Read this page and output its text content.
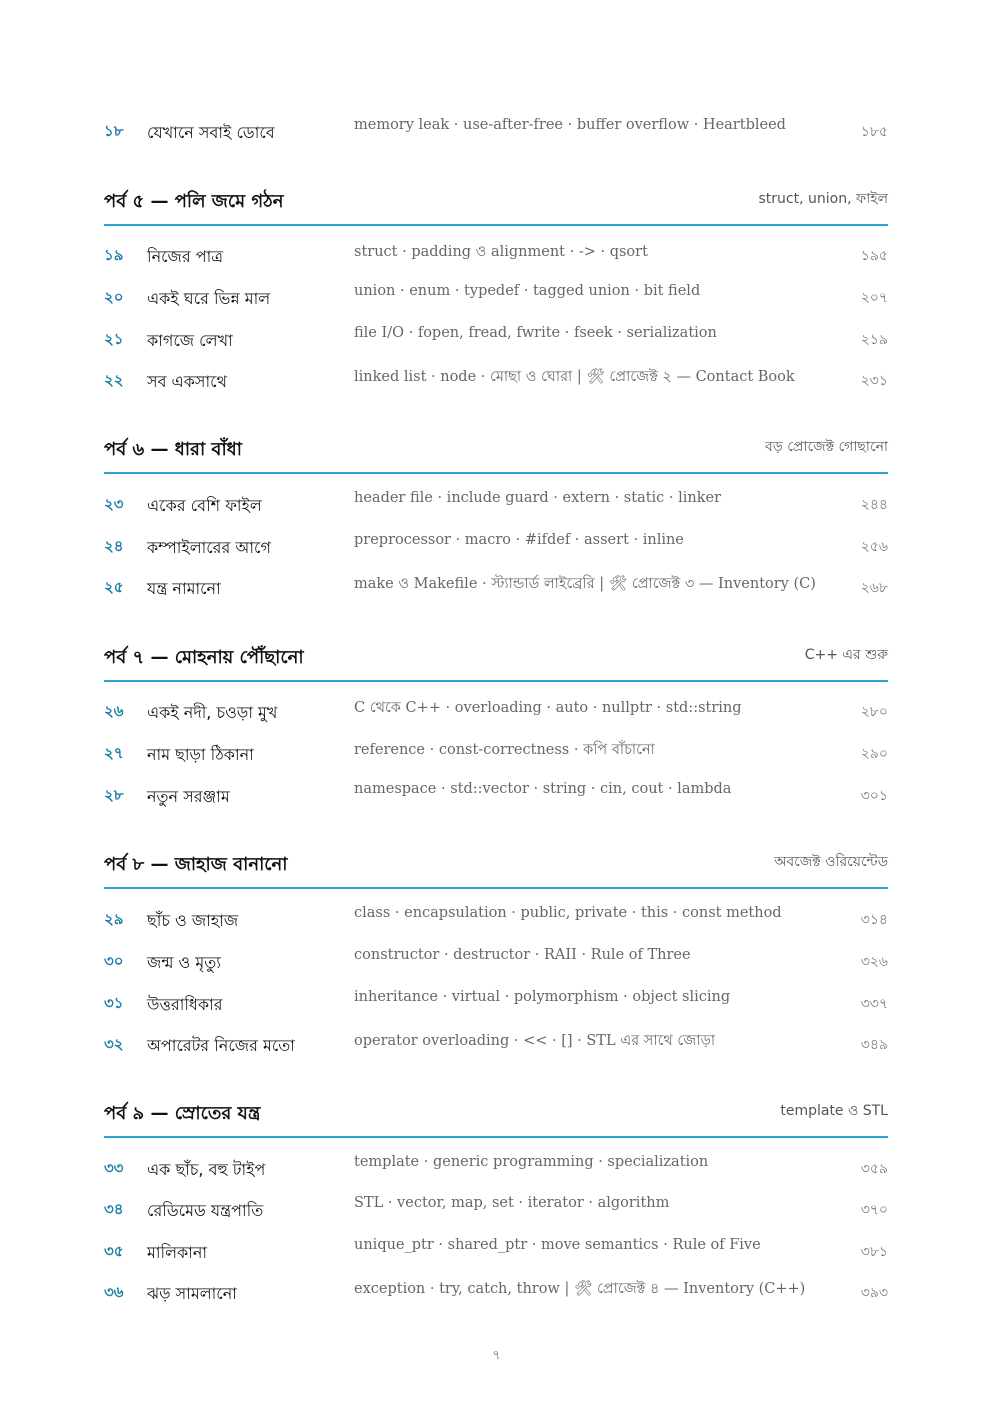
১৮ যেখানে সবাই ডোবে	memory leak · use-after-free · buffer overflow · Heartbleed	১৮৫
পর্ব ৫ — পলি জমে গঠন	struct, union, ফাইল
১৯ নিজের পাত্র	struct · padding ও alignment · -> · qsort	১৯৫
২০ একই ঘরে ভিন্ন মাল	union · enum · typedef · tagged union · bit field	২০৭
২১ কাগজে লেখা	file I/O · fopen, fread, fwrite · fseek · serialization	২১৯
২২ সব একসাথে	linked list · node · মোছা ও ঘোরা | 🛠 প্রোজেক্ট ২ — Contact Book	২৩১
পর্ব ৬ — ধারা বাঁধা	বড় প্রোজেক্ট গোছানো
২৩ একের বেশি ফাইল	header file · include guard · extern · static · linker	২৪৪
২৪ কম্পাইলারের আগে	preprocessor · macro · #ifdef · assert · inline	২৫৬
২৫ যন্ত্র নামানো	make ও Makefile · স্ট্যান্ডার্ড লাইব্রেরি | 🛠 প্রোজেক্ট ৩ — Inventory (C)	২৬৮
পর্ব ৭ — মোহনায় পৌঁছানো	C++ এর শুরু
২৬ একই নদী, চওড়া মুখ	C থেকে C++ · overloading · auto · nullptr · std::string	২৮০
২৭ নাম ছাড়া ঠিকানা	reference · const-correctness · কপি বাঁচানো	২৯০
২৮ নতুন সরঞ্জাম	namespace · std::vector · string · cin, cout · lambda	৩০১
পর্ব ৮ — জাহাজ বানানো	অবজেক্ট ওরিয়েন্টেড
২৯ ছাঁচ ও জাহাজ	class · encapsulation · public, private · this · const method	৩১৪
৩০ জন্ম ও মৃত্যু	constructor · destructor · RAII · Rule of Three	৩২৬
৩১ উত্তরাধিকার	inheritance · virtual · polymorphism · object slicing	৩৩৭
৩২ অপারেটর নিজের মতো	operator overloading · << · [] · STL এর সাথে জোড়া	৩৪৯
পর্ব ৯ — স্রোতের যন্ত্র	template ও STL
৩৩ এক ছাঁচ, বহু টাইপ	template · generic programming · specialization	৩৫৯
৩৪ রেডিমেড যন্ত্রপাতি	STL · vector, map, set · iterator · algorithm	৩৭০
৩৫ মালিকানা	unique_ptr · shared_ptr · move semantics · Rule of Five	৩৮১
৩৬ ঝড় সামলানো	exception · try, catch, throw | 🛠 প্রোজেক্ট ৪ — Inventory (C++)	৩৯৩
৭
